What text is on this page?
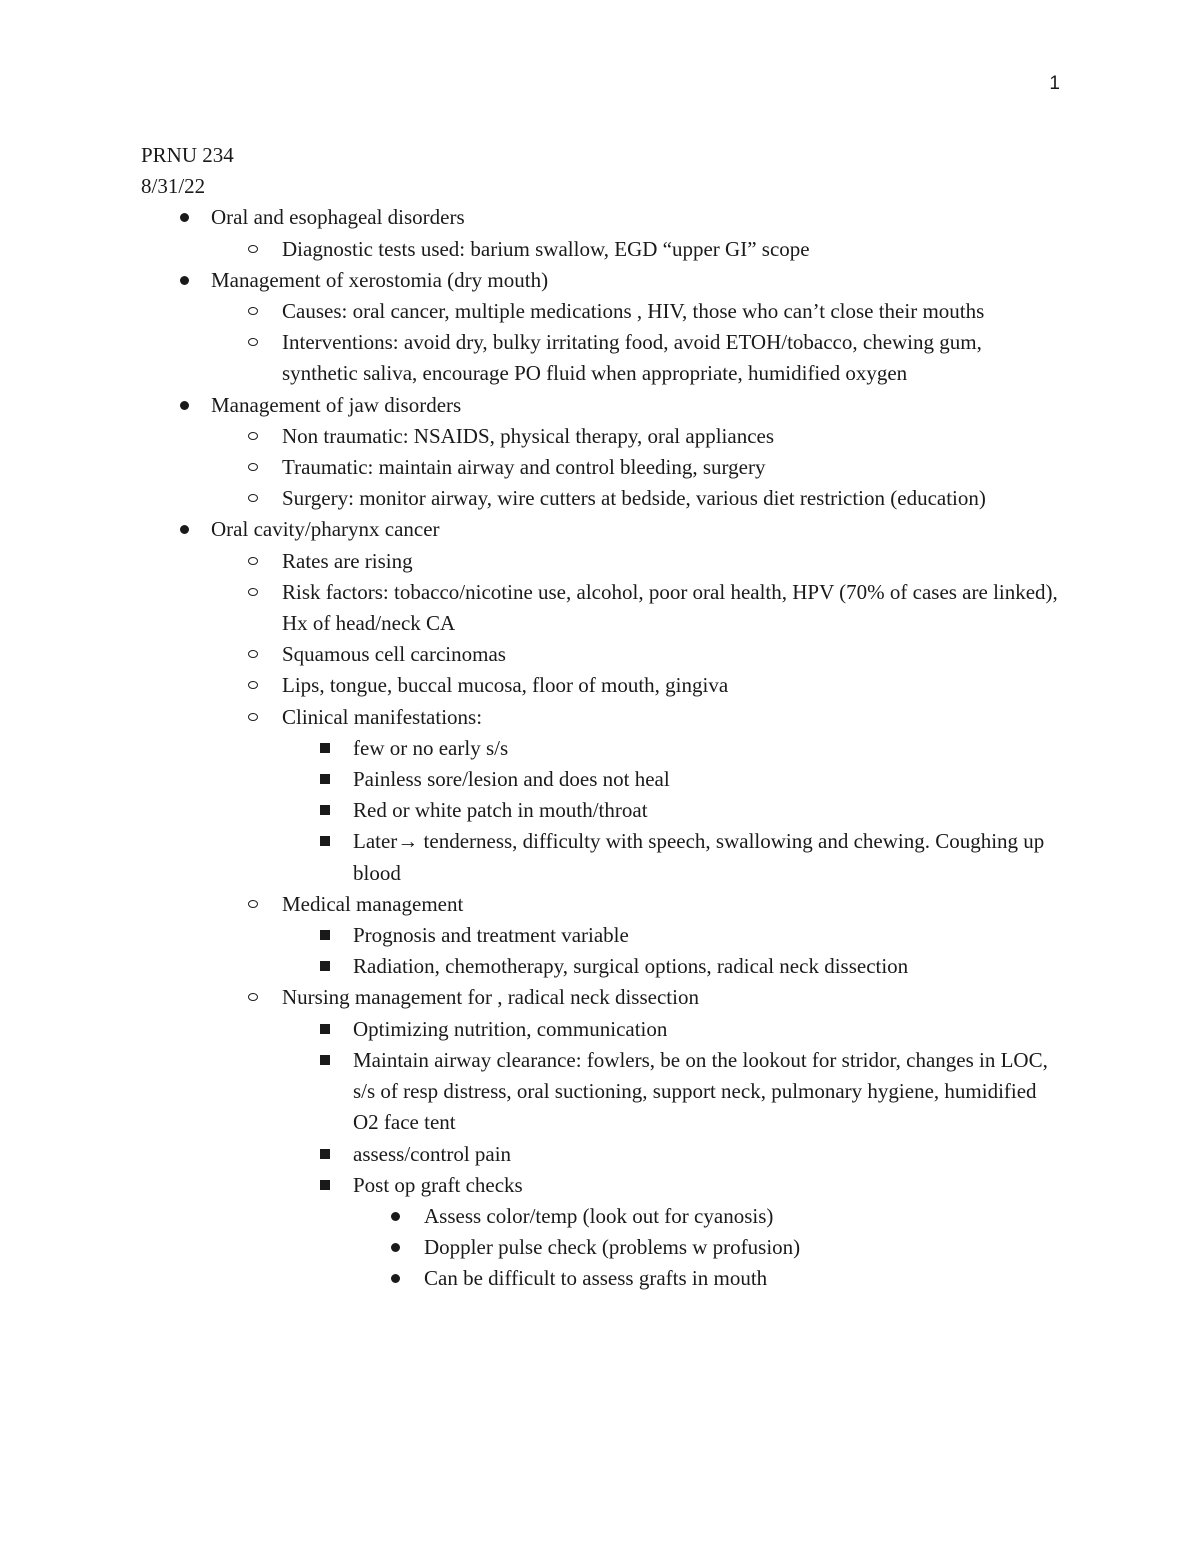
1

PRNU 234

8/31/22

Oral and esophageal disorders
Diagnostic tests used: barium swallow, EGD “upper GI” scope
Management of xerostomia (dry mouth)
Causes: oral cancer, multiple medications , HIV, those who can’t close their mouths
Interventions: avoid dry, bulky irritating food, avoid ETOH/tobacco, chewing gum, synthetic saliva, encourage PO fluid when appropriate, humidified oxygen
Management of jaw disorders
Non traumatic: NSAIDS, physical therapy, oral appliances
Traumatic: maintain airway and control bleeding, surgery
Surgery: monitor airway, wire cutters at bedside, various diet restriction (education)
Oral cavity/pharynx cancer
Rates are rising
Risk factors: tobacco/nicotine use, alcohol, poor oral health, HPV (70% of cases are linked), Hx of head/neck CA
Squamous cell carcinomas
Lips, tongue, buccal mucosa, floor of mouth, gingiva
Clinical manifestations:
few or no early s/s
Painless sore/lesion and does not heal
Red or white patch in mouth/throat
Later→ tenderness, difficulty with speech, swallowing and chewing. Coughing up blood
Medical management
Prognosis and treatment variable
Radiation, chemotherapy, surgical options, radical neck dissection
Nursing management for , radical neck dissection
Optimizing nutrition, communication
Maintain airway clearance: fowlers, be on the lookout for stridor, changes in LOC, s/s of resp distress, oral suctioning, support neck, pulmonary hygiene, humidified O2 face tent
assess/control pain
Post op graft checks
Assess color/temp (look out for cyanosis)
Doppler pulse check (problems w profusion)
Can be difficult to assess grafts in mouth
